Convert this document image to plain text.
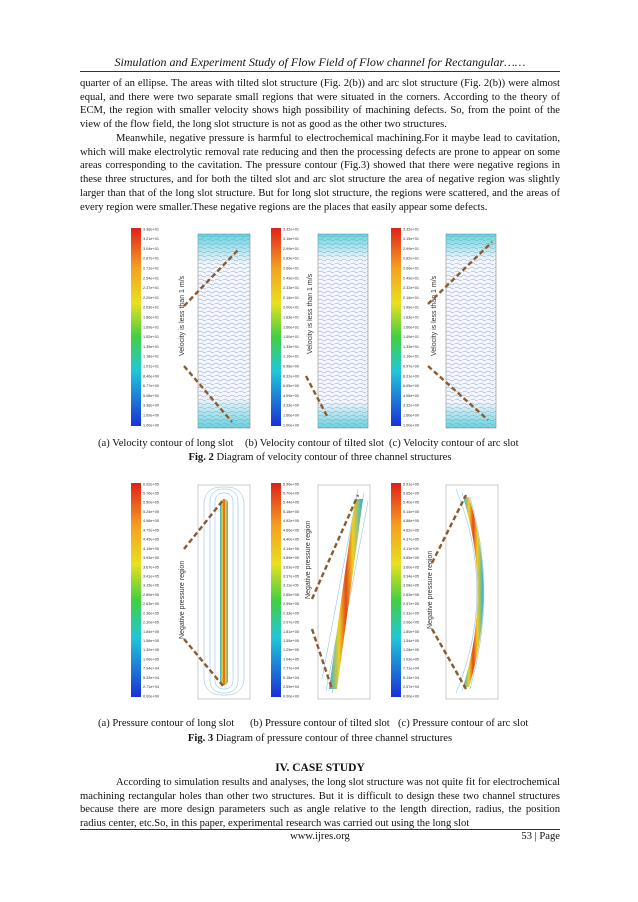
Simulation and Experiment Study of Flow Field of Flow channel for Rectangular……

quarter of an ellipse. The areas with tilted slot structure (Fig. 2(b)) and arc slot structure (Fig. 2(b)) were almost equal, and there were two separate small regions that were situated in the corners. According to the theory of ECM, the region with smaller velocity shows high possibility of machining defects. So, from the point of the view of the flow field, the long slot structure is not as good as the other two structures.

Meanwhile, negative pressure is harmful to electrochemical machining.For it maybe lead to cavitation, which will make electrolytic removal rate reducing and then the processing defects are prone to appear on some areas corresponding to the cavitation. The pressure contour (Fig.3) showed that there were negative regions in these three structures, and for both the tilted slot and arc slot structure the area of negative region was slightly larger than that of the long slot structure. But for long slot structure, the regions were scattered, and the areas of every region were smaller.These negative regions are the places that easily appear some defects.

3.38e+01
3.21e+01
3.04e+01
2.87e+01
2.71e+01
2.54e+01
2.37e+01
2.20e+01
2.03e+01
1.86e+01
1.69e+01
1.52e+01
1.35e+01
1.18e+01
1.01e+01
8.46e+00
6.77e+00
5.08e+00
3.38e+00
1.69e+00
1.00e+00
Velocity is less than 1 m/s
3.32e+01
3.16e+01
2.99e+01
2.83e+01
2.66e+01
2.49e+01
2.33e+01
2.16e+01
2.00e+01
1.83e+01
1.66e+01
1.50e+01
1.33e+01
1.16e+01
9.98e+00
8.32e+00
6.65e+00
4.99e+00
3.33e+00
1.66e+00
1.00e+00
Velocity is less than 1 m/s
3.32e+01
3.15e+01
2.99e+01
2.82e+01
2.66e+01
2.49e+01
2.32e+01
2.16e+01
1.99e+01
1.83e+01
1.66e+01
1.49e+01
1.33e+01
1.16e+01
9.97e+00
8.31e+00
6.65e+00
4.98e+00
3.32e+00
1.66e+00
1.00e+00
Velocity is less than 1 m/s
(a) Velocity contour of long slot (b) Velocity contour of tilted slot (c) Velocity contour of arc slot
Fig. 2 Diagram of velocity contour of three channel structures
6.02e+05
5.76e+05
5.50e+05
5.24e+05
4.98e+05
4.72e+05
4.45e+05
4.19e+05
3.93e+05
3.67e+05
3.41e+05
3.15e+05
2.89e+05
2.63e+05
2.36e+05
2.10e+05
1.84e+05
1.58e+05
1.32e+05
1.06e+05
7.94e+04
5.33e+04
2.71e+04
0.00e+00
Negative pressure region
5.96e+05
5.70e+05
5.44e+05
5.18e+05
4.92e+05
4.66e+05
4.40e+05
4.14e+05
3.89e+05
3.63e+05
3.37e+05
3.11e+05
2.85e+05
2.59e+05
2.33e+05
2.07e+05
1.81e+05
1.55e+05
1.29e+05
1.04e+05
7.77e+04
5.18e+04
2.59e+04
0.00e+00
Negative pressure region
5.91e+05
5.65e+05
5.40e+05
5.14e+05
4.88e+05
4.62e+05
4.37e+05
4.11e+05
3.85e+05
3.60e+05
3.34e+05
3.08e+05
2.83e+05
2.57e+05
2.31e+05
2.06e+05
1.80e+05
1.54e+05
1.28e+05
1.03e+05
7.71e+04
5.14e+04
2.57e+04
0.00e+00
Negative pressure region
(a) Pressure contour of long slot (b) Pressure contour of tilted slot (c) Pressure contour of arc slot
Fig. 3 Diagram of pressure contour of three channel structures
IV. CASE STUDY

According to simulation results and analyses, the long slot structure was not quite fit for electrochemical machining rectangular holes than other two structures. But it is difficult to design these two channel structures because there are more design parameters such as angle relative to the length direction, radius, the position radius center, etc.So, in this paper, experimental research was carried out using the long slot

www.ijres.org	53 | Page
